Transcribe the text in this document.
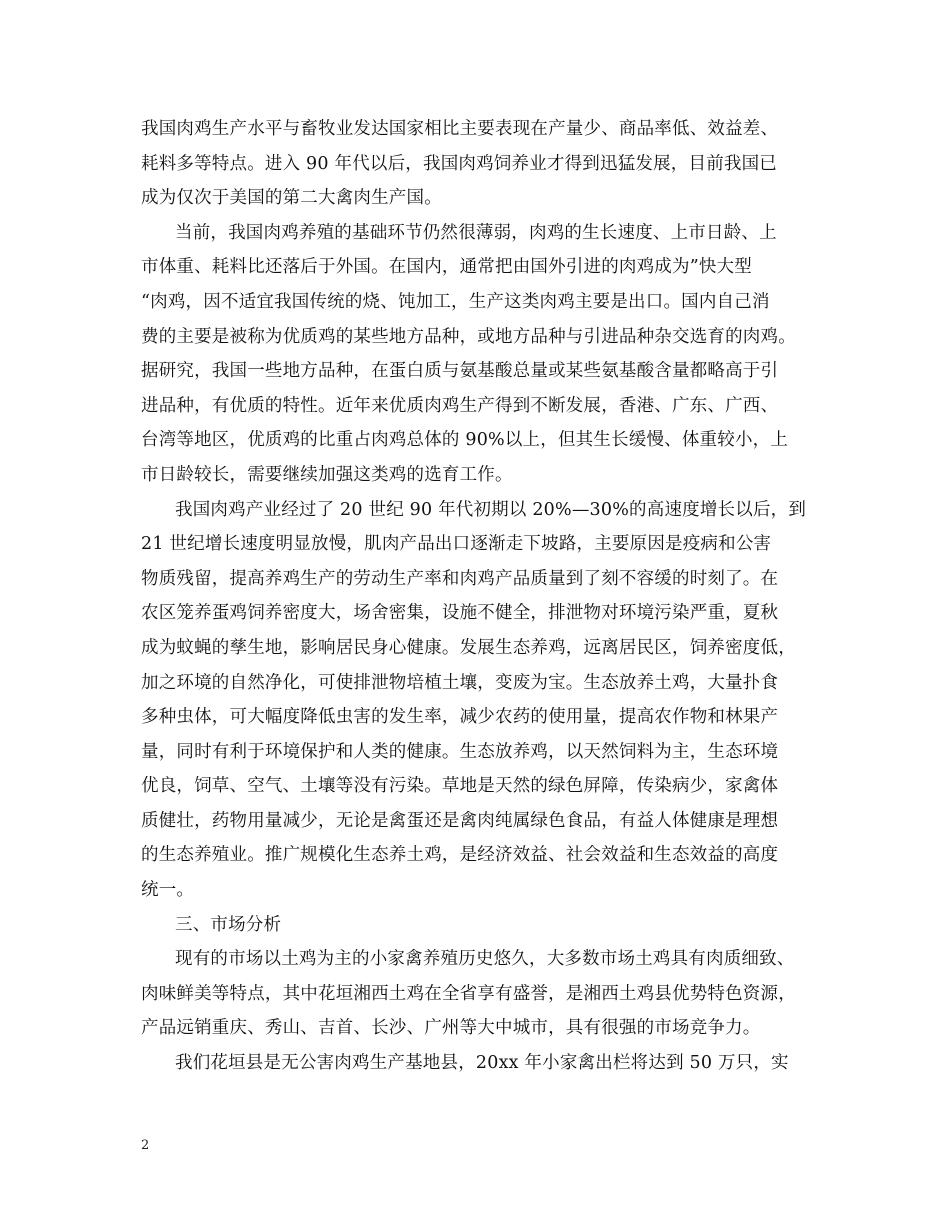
我国肉鸡生产水平与畜牧业发达国家相比主要表现在产量少、商品率低、效益差、
耗料多等特点。进入 90 年代以后，我国肉鸡饲养业才得到迅猛发展，目前我国已
成为仅次于美国的第二大禽肉生产国。
当前，我国肉鸡养殖的基础环节仍然很薄弱，肉鸡的生长速度、上市日龄、上
市体重、耗料比还落后于外国。在国内，通常把由国外引进的肉鸡成为”快大型
“肉鸡，因不适宜我国传统的烧、饨加工，生产这类肉鸡主要是出口。国内自己消
费的主要是被称为优质鸡的某些地方品种，或地方品种与引进品种杂交选育的肉鸡。
据研究，我国一些地方品种，在蛋白质与氨基酸总量或某些氨基酸含量都略高于引
进品种，有优质的特性。近年来优质肉鸡生产得到不断发展，香港、广东、广西、
台湾等地区，优质鸡的比重占肉鸡总体的 90%以上，但其生长缓慢、体重较小，上
市日龄较长，需要继续加强这类鸡的选育工作。
我国肉鸡产业经过了 20 世纪 90 年代初期以 20%—30%的高速度增长以后，到
21 世纪增长速度明显放慢，肌肉产品出口逐渐走下坡路，主要原因是疫病和公害
物质残留，提高养鸡生产的劳动生产率和肉鸡产品质量到了刻不容缓的时刻了。在
农区笼养蛋鸡饲养密度大，场舍密集，设施不健全，排泄物对环境污染严重，夏秋
成为蚊蝇的孳生地，影响居民身心健康。发展生态养鸡，远离居民区，饲养密度低，
加之环境的自然净化，可使排泄物培植土壤，变废为宝。生态放养土鸡，大量扑食
多种虫体，可大幅度降低虫害的发生率，减少农药的使用量，提高农作物和林果产
量，同时有利于环境保护和人类的健康。生态放养鸡，以天然饲料为主，生态环境
优良，饲草、空气、土壤等没有污染。草地是天然的绿色屏障，传染病少，家禽体
质健壮，药物用量减少，无论是禽蛋还是禽肉纯属绿色食品，有益人体健康是理想
的生态养殖业。推广规模化生态养土鸡，是经济效益、社会效益和生态效益的高度
统一。
三、市场分析
现有的市场以土鸡为主的小家禽养殖历史悠久，大多数市场土鸡具有肉质细致、
肉味鲜美等特点，其中花垣湘西土鸡在全省享有盛誉，是湘西土鸡县优势特色资源，
产品远销重庆、秀山、吉首、长沙、广州等大中城市，具有很强的市场竞争力。
我们花垣县是无公害肉鸡生产基地县，20xx 年小家禽出栏将达到 50 万只，实
2
